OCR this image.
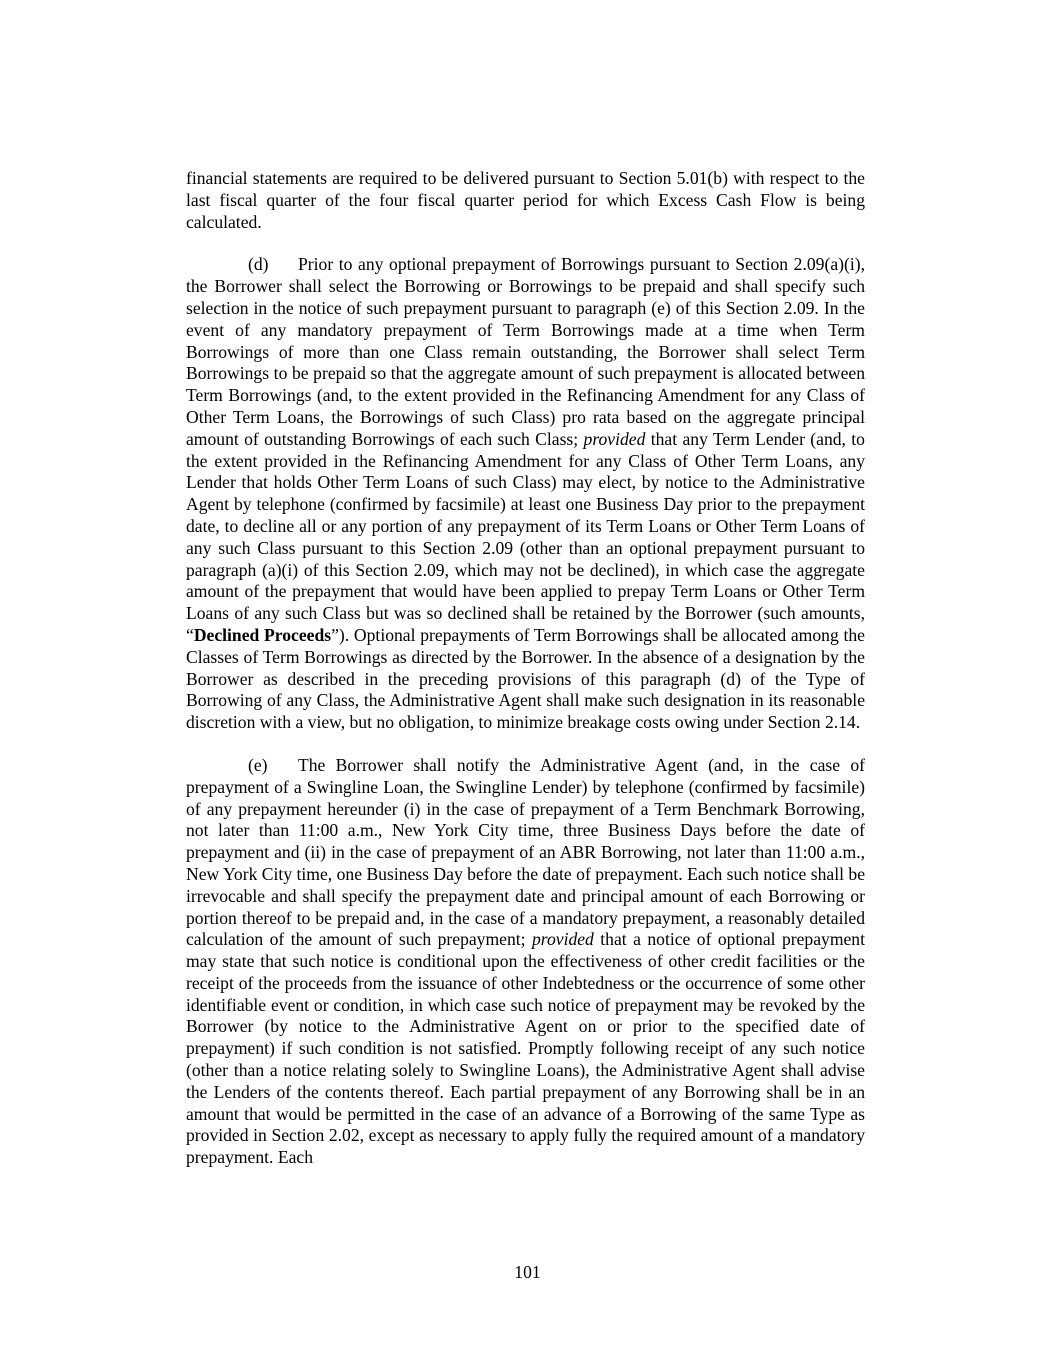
financial statements are required to be delivered pursuant to Section 5.01(b) with respect to the last fiscal quarter of the four fiscal quarter period for which Excess Cash Flow is being calculated.

(d) Prior to any optional prepayment of Borrowings pursuant to Section 2.09(a)(i), the Borrower shall select the Borrowing or Borrowings to be prepaid and shall specify such selection in the notice of such prepayment pursuant to paragraph (e) of this Section 2.09. In the event of any mandatory prepayment of Term Borrowings made at a time when Term Borrowings of more than one Class remain outstanding, the Borrower shall select Term Borrowings to be prepaid so that the aggregate amount of such prepayment is allocated between Term Borrowings (and, to the extent provided in the Refinancing Amendment for any Class of Other Term Loans, the Borrowings of such Class) pro rata based on the aggregate principal amount of outstanding Borrowings of each such Class; provided that any Term Lender (and, to the extent provided in the Refinancing Amendment for any Class of Other Term Loans, any Lender that holds Other Term Loans of such Class) may elect, by notice to the Administrative Agent by telephone (confirmed by facsimile) at least one Business Day prior to the prepayment date, to decline all or any portion of any prepayment of its Term Loans or Other Term Loans of any such Class pursuant to this Section 2.09 (other than an optional prepayment pursuant to paragraph (a)(i) of this Section 2.09, which may not be declined), in which case the aggregate amount of the prepayment that would have been applied to prepay Term Loans or Other Term Loans of any such Class but was so declined shall be retained by the Borrower (such amounts, “Declined Proceeds”). Optional prepayments of Term Borrowings shall be allocated among the Classes of Term Borrowings as directed by the Borrower. In the absence of a designation by the Borrower as described in the preceding provisions of this paragraph (d) of the Type of Borrowing of any Class, the Administrative Agent shall make such designation in its reasonable discretion with a view, but no obligation, to minimize breakage costs owing under Section 2.14.

(e) The Borrower shall notify the Administrative Agent (and, in the case of prepayment of a Swingline Loan, the Swingline Lender) by telephone (confirmed by facsimile) of any prepayment hereunder (i) in the case of prepayment of a Term Benchmark Borrowing, not later than 11:00 a.m., New York City time, three Business Days before the date of prepayment and (ii) in the case of prepayment of an ABR Borrowing, not later than 11:00 a.m., New York City time, one Business Day before the date of prepayment. Each such notice shall be irrevocable and shall specify the prepayment date and principal amount of each Borrowing or portion thereof to be prepaid and, in the case of a mandatory prepayment, a reasonably detailed calculation of the amount of such prepayment; provided that a notice of optional prepayment may state that such notice is conditional upon the effectiveness of other credit facilities or the receipt of the proceeds from the issuance of other Indebtedness or the occurrence of some other identifiable event or condition, in which case such notice of prepayment may be revoked by the Borrower (by notice to the Administrative Agent on or prior to the specified date of prepayment) if such condition is not satisfied. Promptly following receipt of any such notice (other than a notice relating solely to Swingline Loans), the Administrative Agent shall advise the Lenders of the contents thereof. Each partial prepayment of any Borrowing shall be in an amount that would be permitted in the case of an advance of a Borrowing of the same Type as provided in Section 2.02, except as necessary to apply fully the required amount of a mandatory prepayment. Each

101
